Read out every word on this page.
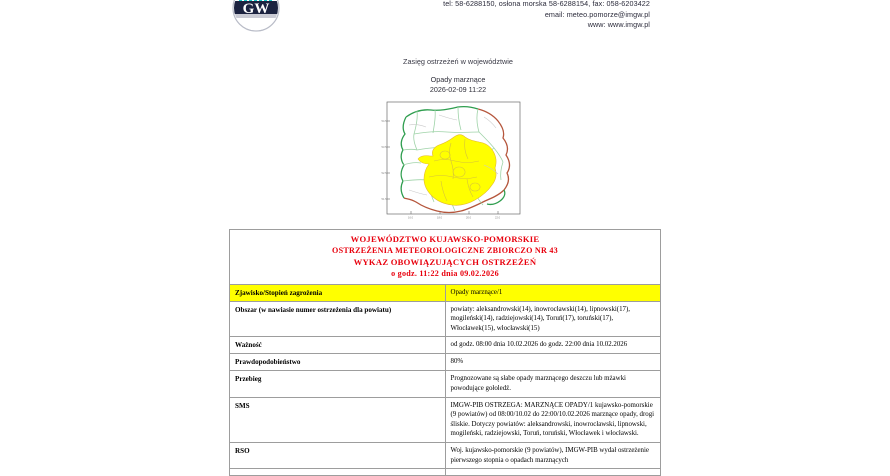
GW	tel: 58-6288150, osłona morska 58-6288154, fax: 058-6203422
email: meteo.pomorze@imgw.pl
www: www.imgw.pl
Zasięg ostrzeżeń w województwie
Opady marznące
2026-02-09 11:22
54.5
53.5
52.5
51.5
16.0	18.0	20.0	22.0
WOJEWÓDZTWO KUJAWSKO-POMORSKIE
OSTRZEŻENIA METEOROLOGICZNE ZBIORCZO NR 43
WYKAZ OBOWIĄZUJĄCYCH OSTRZEŻEŃ
o godz. 11:22 dnia 09.02.2026	

Zjawisko/Stopień zagrożenia	Opady marznące/1
Obszar (w nawiasie numer ostrzeżenia dla powiatu)	powiaty: aleksandrowski(14), inowrocławski(14), lipnowski(17), mogileński(14), radziejowski(14), Toruń(17), toruński(17), Włocławek(15), włocławski(15)
Ważność	od godz. 08:00 dnia 10.02.2026 do godz. 22:00 dnia 10.02.2026
Prawdopodobieństwo	80%
Przebieg	Prognozowane są słabe opady marznącego deszczu lub mżawki powodujące gołoledź.
SMS	IMGW-PIB OSTRZEGA: MARZNĄCE OPADY/1 kujawsko-pomorskie (9 powiatów) od 08:00/10.02 do 22:00/10.02.2026 marznące opady, drogi śliskie. Dotyczy powiatów: aleksandrowski, inowrocławski, lipnowski, mogileński, radziejowski, Toruń, toruński, Włocławek i włocławski.
RSO	Woj. kujawsko-pomorskie (9 powiatów), IMGW-PIB wydał ostrzeżenie pierwszego stopnia o opadach marznących
